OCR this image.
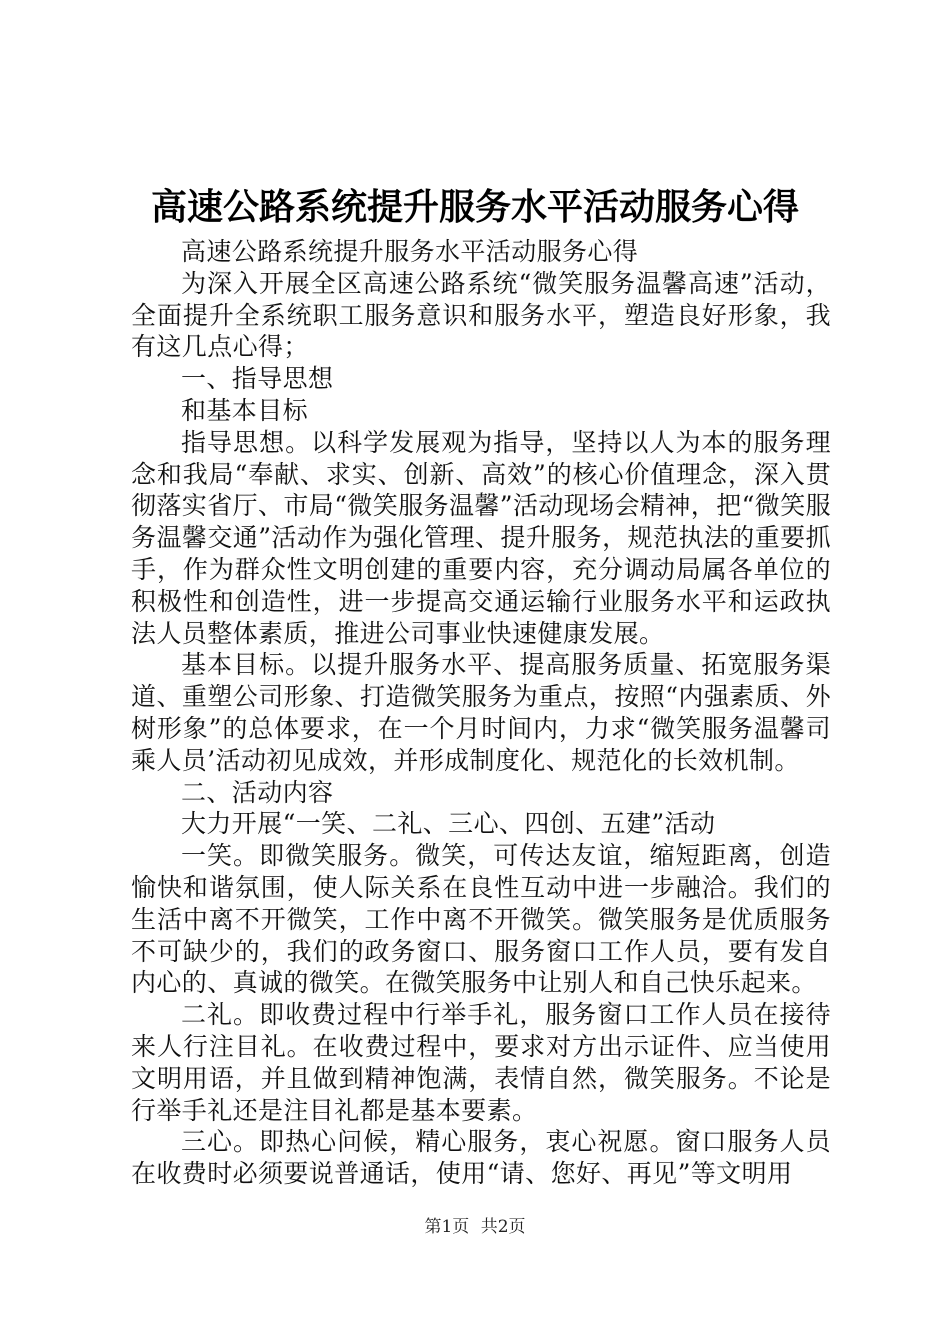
高速公路系统提升服务水平活动服务心得

高速公路系统提升服务水平活动服务心得

为深入开展全区高速公路系统“微笑服务温馨高速”活动，全面提升全系统职工服务意识和服务水平，塑造良好形象，我有这几点心得；

一、指导思想

和基本目标

指导思想。以科学发展观为指导，坚持以人为本的服务理念和我局“奉献、求实、创新、高效”的核心价值理念，深入贯彻落实省厅、市局“微笑服务温馨”活动现场会精神，把“微笑服务温馨交通”活动作为强化管理、提升服务，规范执法的重要抓手，作为群众性文明创建的重要内容，充分调动局属各单位的积极性和创造性，进一步提高交通运输行业服务水平和运政执法人员整体素质，推进公司事业快速健康发展。

基本目标。以提升服务水平、提高服务质量、拓宽服务渠道、重塑公司形象、打造微笑服务为重点，按照“内强素质、外树形象”的总体要求，在一个月时间内，力求“微笑服务温馨司乘人员’活动初见成效，并形成制度化、规范化的长效机制。

二、活动内容

大力开展“一笑、二礼、三心、四创、五建”活动

一笑。即微笑服务。微笑，可传达友谊，缩短距离，创造愉快和谐氛围，使人际关系在良性互动中进一步融洽。我们的生活中离不开微笑，工作中离不开微笑。微笑服务是优质服务不可缺少的，我们的政务窗口、服务窗口工作人员，要有发自内心的、真诚的微笑。在微笑服务中让别人和自己快乐起来。

二礼。即收费过程中行举手礼，服务窗口工作人员在接待来人行注目礼。在收费过程中，要求对方出示证件、应当使用文明用语，并且做到精神饱满，表情自然，微笑服务。不论是行举手礼还是注目礼都是基本要素。

三心。即热心问候，精心服务，衷心祝愿。窗口服务人员在收费时必须要说普通话，使用“请、您好、再见”等文明用

第1页 共2页
